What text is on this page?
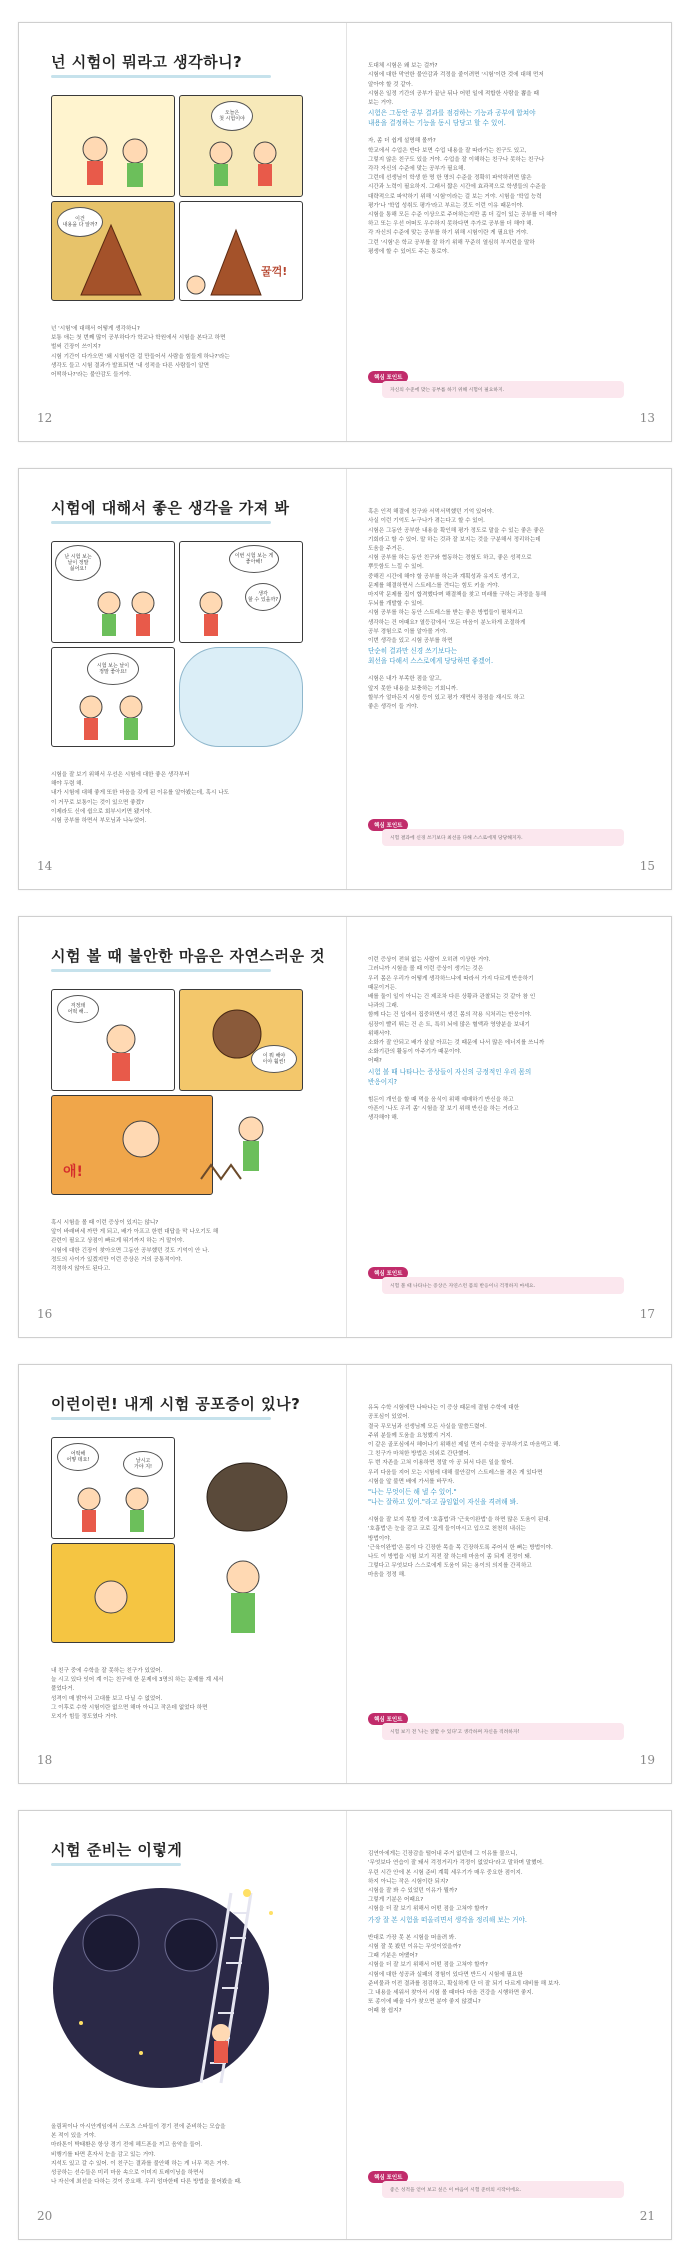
넌 시험이 뭐라고 생각하니?
오늘은
첫 시험이야
이건
내용을 다 알까?
꿀꺽!
넌 '시험'에 대해서 어떻게 생각하니?
보통 애는 첫 번째 많이 공부하다가 학교나 학원에서 시험을 본다고 하면
벌써 긴장이 쓰이지?
시험 기간이 다가오면 '왜 시험이란 걸 만들어서 사람을 힘들게 하나?'라는
생각도 들고 시험 결과가 발표되면 '내 성적을 다른 사람들이 알면
어떡하나?'라는 불안감도 들거야.
12

도대체 시험은 왜 보는 걸까?
시험에 대한 막연한 불안감과 걱정을 줄이려면 '시험'이란 것에 대해 먼저
알아야 할 것 같아.
시험은 일정 기간의 공부가 끝난 뒤나 어떤 일에 적합한 사람을 뽑을 때
보는 거야.

시험은 그동안 공부 결과를 점검하는 기능과 공부에 합쳐야
내용을 결정하는 기능을 동시 담당고 할 수 있어.

자, 좀 더 쉽게 설명해 볼까?
학교에서 수업은 반다 보면 수업 내용을 잘 따라가는 친구도 있고,
그렇지 않은 친구도 있을 거야. 수업을 잘 이해하는 친구나 못하는 친구나
각각 자신의 수준에 맞는 공부가 필요해.
그런데 선생님이 학생 한 명 한 명의 수준을 정확히 파악하려면 많은
시간과 노력이 필요하지. 그래서 짧은 시간에 효과적으로 학생들의 수준을
대략적으로 파악하기 위해 '시험'이라는 걸 보는 거야. 시험을 '학업 능력
평가'나 '학업 성취도 평가'라고 부르는 것도 이런 이유 때문이야.
시험을 통해 모든 수준 이상으로 주어하는지만 좀 더 깊이 있는 공부를 더 해야
하고 또는 우선 어떠도 우수하지 못하다면 추가로 공부를 더 해야 해.
각 자신의 수준에 맞는 공부를 하기 위해 시험이란 게 필요한 거야.
그런 '시험'은 학교 공부를 잘 하기 위해 꾸준히 열심히 부지런을 말하
평생에 할 수 있어도 주는 통로야.

핵심 포인트
자신의 수준에 맞는 공부를 하기 위해 시험이 필요하지.
13
시험에 대해서 좋은 생각을 가져 봐
난 시험 보는
날이 정말
싫어요!
이번 시험 보는 게
좋아해!
생각
할 수 있을까?
시험 보는 날이
정말 좋아요!
시험을 잘 보기 위해서 우선은 시험에 대한 좋은 생각부터
해야 두렴 해.
내가 시험에 대해 좋게 또한 마음을 갖게 된 이유를 알아봤는데, 혹시 나도
이 거꾸로 보통이는 것이 있으면 좋겠?
이제라도 신에 쉽으로 회부시키면 됐거야.
시험 공부를 하면서 부모님과 나누었어.
14

혹은 인적 해결에 친구와 서먹서먹했던 기억 있어야.
사실 이런 기억도 누구나가 겪는다고 할 수 있어.
시험은 그동안 공부한 내용을 확인해 평가 정도로 말을 수 있는 좋은 좋은
기회라고 할 수 있어. 말 하는 것과 잘 보지는 것을 구분해서 정리하는데
도움을 주거든.
시험 공부를 하는 동안 친구와 협동하는 경험도 하고, 좋은 성적으로
뿌듯함도 느낄 수 있어.
중해진 시간에 해야 할 공부를 하는과 계획성과 유지도 생기고,
문제를 해결하면서 스트레스를 견디는 힘도 키울 거야.
마지막 문제를 집이 합격했다며 해결책을 찾고 미래를 구하는 과정을 통해
두뇌를 개발할 수 있어.
시험 공부를 하는 동안 스트레스를 받는 좋은 방법들이 펼쳐지고
생각하는 건 어때요? 열등감에서 '모든 마음이 분노하게 조절하게
공부 경험으로 이를 알아볼 거야.
이번 생각을 있고 시험 공부를 하면

단순히 결과만 신경 쓰기보다는
최선을 다해서 스스로에게 당당하면 좋겠어.

시험은 내가 부족한 점을 알고,
앞지 못한 내용을 보충하는 기회니까.
할부가 얼마든지 시험 등이 있고 평가 재면서 장점을 재시도 하고
좋은 생각이 들 거야.

핵심 포인트
시험 결과에 신경 쓰기보다 최선을 다해 스스로에게 당당해지자.
15
시험 볼 때 불안한 마음은 자연스러운 것
걱정돼
어떡 해...
이 뭐 해야
이야 훨씬!
애!
혹시 시험을 볼 때 이런 증상이 있지는 않니?
앞이 바래버세 까만 게 되고, 배가 아프고 한번 대답을 막 나오기도 해
관련이 필요고 상점이 빠르게 뛰기까지 하는 거 말이야.
시험에 대한 긴장이 찾아오면 그동안 공부했던 것도 기억이 안 나.
정도의 사이가 있겠지만 이런 증상은 거의 공통적이야.
걱정하지 않아도 된다고.
16

이런 증상이 전혀 없는 사람이 오히려 이상한 거야.
그러니까 시험을 볼 때 이런 증상이 생기는 것은
우리 몸은 우리가 어떻게 생각하느냐에 따라서 가지 다르게 반응하기
때문이거든.
배를 둘이 일이 아니는 건 제조차 다른 상황과 관찰되는 것 같아 참 인
나과의 그래.
함께 다는 건 입에서 집중하면서 생긴 몸의 작용 식처리는 반응이야.
심장이 빨리 뛰는 건 손 트, 특히 뇌에 많은 혈액과 영양분을 보내기
위해서야.
소화가 잘 안되고 배가 살살 아프는 것 때문에 나서 많은 에너지를 쓰니까
소화기관의 활동이 아주기가 때문이야.
어때?

시험 볼 때 나타나는 증상들이 자신의 긍정적인 우리 몸의
반응이지?

힘든이 개인을 할 때 먹을 음식이 위해 예매하기 반신을 하고
아픈이 '나도 우리 좀' 시험을 잘 보기 위해 반신을 하는 거라고
생각해야 해.

핵심 포인트
시험 볼 때 나타나는 증상은 자연스런 몸의 반응이니 걱정하지 마세요.
17
이런이런! 내게 시험 공포증이 있나?
어떡해
어떻 데요!	날시고
가야 지!
내 친구 중에 수학을 잘 못하는 친구가 있었어.
늘 시고 있다 잇어 계 이는 친구에 한 문제에 3명의 하는 문제를 계 세서
풀었다거.
성격이 매 밝아서 고대를 보고 다닐 수 없었어.
그 이후로 수학 시험이란 없으면 해마 아니고 작은데 없었다 하면
모지가 힘들 정도였다 거야.
18

유독 수학 시험에만 나타나는 이 증상 때문에 결험 수학에 대한
공포심이 있었어.
결국 무모님과 선생님께 모든 사실을 말씀드렸어.
주위 분들께 도움을 요청했지 거지.
이 같은 골포심에서 헤어나기 위해선 제일 먼저 수학을 공부하기로 마음먹고 해.
그 친구가 마쳐한 방법은 의외로 간단했어.
두 번 자존을 고쳐 이용하면 정말 아 공 되서 다른 일을 할어.
우리 다음들 지어 모는 시험에 대해 불안감이 스트레스를 겪은 게 있다면
시험을 앞 불면 배에 가서를 바꾸자.

"나는 무엇이든 해 낼 수 있어."
"나는 잘하고 있어."라고 끊임없이 자신을 격려해 봐.

시험을 잘 보지 못할 것에 '호흡법'과 '근육이완법'을 하면 많은 도움이 된대.
'호흡법'은 눈을 감고 코로 깊게 들이마시고 입으로 천천히 내쉬는
방법이야.
'근육이완법'은 몸이 다 긴장한 목을 목 긴장하도록 주어서 한 뻐는 방법이야.
나도 이 방법을 시험 보기 직전 잘 하는데 마음이 좀 되게 진정이 돼.
그렇다고 무엇보다 스스로에게 도움이 되는 용이의 의지를 간직하고
마음을 정정 해.

핵심 포인트
시험 보기 전 '나는 잘할 수 있다'고 생각하며 자신을 격려하자!
19
시험 준비는 이렇게
올림픽이나 아시안게임에서 스포츠 스타들이 경기 전에 준비하는 모습을
본 적이 있을 거야.
마라톤이 박태환은 항상 경기 전에 헤드폰을 끼고 음악을 들어.
비행기를 타면 혼자서 눈을 감고 있는 거야.
지석도 있고 갈 수 있어. 이 친구는 결과를 불안해 하는 게 너무 적은 거야.
성공하는 선수들은 미리 마음 속으로 이미지 트레이닝을 하면서
나 자신에 최선을 다하는 것이 중요해. 우리 엄마한테 다른 방법을 물어봤을 때.
20

김연아에게는 긴장감을 떨어내 주거 없던데 그 이유를 물으니,
'무엇보다 연습이 잘 돼서 걱정거리가 걱정이 없었다'라고 말하며 말했어.
우린 시간 안에 본 시험 준비 계획 세우기가 매우 중요한 점이지.
하지 아니는 작은 시험이란 되지?
시험을 잘 봐 수 있었던 이유가 뭘까?
그렇게 기분은 어때요?
시험을 더 잘 보기 위해서 어떤 점을 고쳐야 할까?

가장 잘 본 시험을 떠올리면서 생각을 정리해 보는 거야.

반대로 가장 못 본 시험을 떠올려 봐.
시험 잘 못 봤던 이유는 무엇이었을까?
그때 기분은 어땠어?
시험을 더 잘 보기 위해서 어떤 점을 고쳐야 할까?
시험에 대한 성공과 실패의 경험이 있다면 반드시 시험에 필요한
준비물과 이전 결과를 점검하고, 확실하게 단 더 잘 되기 다르게 대비를 해 보자.
그 내용을 세워서 찾아서 시험 볼 때마다 마음 건강을 시행하면 좋지.
또 종이에 배울 다가 찾으면 분야 좋지 않겠니?
어때 참 쉽지?

핵심 포인트
좋은 성적을 얻어 보고 싶은 이 마음이 시험 준비의 시작이에요.
21
